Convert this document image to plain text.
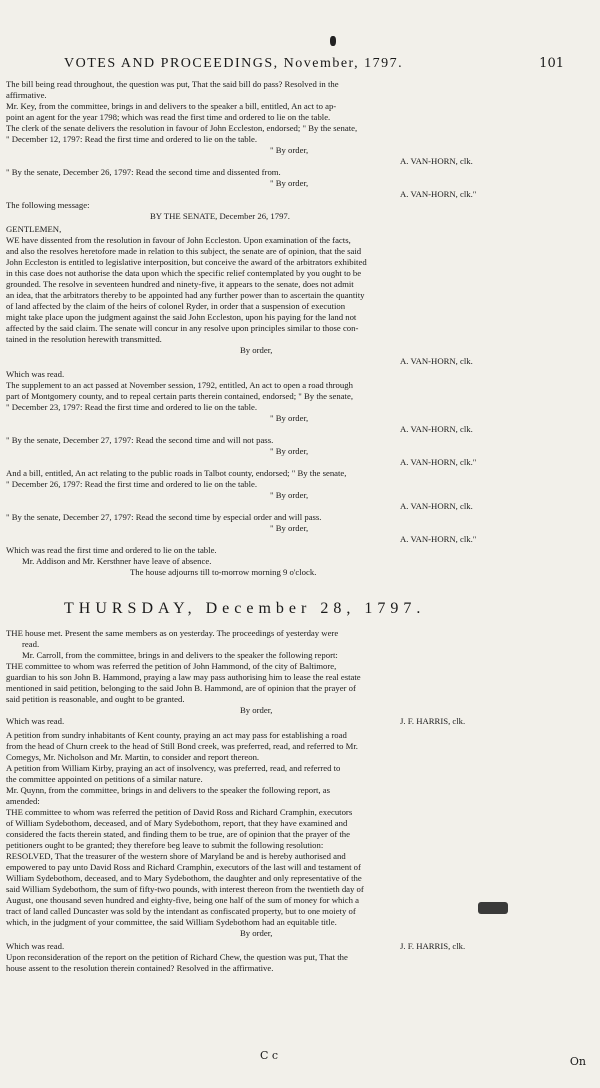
VOTES AND PROCEEDINGS, November, 1797.	101
The bill being read throughout, the question was put, That the said bill do pass? Resolved in the
affirmative.
Mr. Key, from the committee, brings in and delivers to the speaker a bill, entitled, An act to ap-
point an agent for the year 1798; which was read the first time and ordered to lie on the table.
The clerk of the senate delivers the resolution in favour of John Eccleston, endorsed; " By the senate,
" December 12, 1797: Read the first time and ordered to lie on the table.
" By order,
A. VAN-HORN, clk.
" By the senate, December 26, 1797: Read the second time and dissented from.
" By order,
A. VAN-HORN, clk."
The following message:
BY THE SENATE, December 26, 1797.
GENTLEMEN,
WE have dissented from the resolution in favour of John Eccleston. Upon examination of the facts,
and also the resolves heretofore made in relation to this subject, the senate are of opinion, that the said
John Eccleston is entitled to legislative interposition, but conceive the award of the arbitrators exhibited
in this case does not authorise the data upon which the specific relief contemplated by you ought to be
grounded. The resolve in seventeen hundred and ninety-five, it appears to the senate, does not admit
an idea, that the arbitrators thereby to be appointed had any further power than to ascertain the quantity
of land affected by the claim of the heirs of colonel Ryder, in order that a suspension of execution
might take place upon the judgment against the said John Eccleston, upon his paying for the land not
affected by the said claim. The senate will concur in any resolve upon principles similar to those con-
tained in the resolution herewith transmitted.
By order,
A. VAN-HORN, clk.
Which was read.
The supplement to an act passed at November session, 1792, entitled, An act to open a road through
part of Montgomery county, and to repeal certain parts therein contained, endorsed; " By the senate,
" December 23, 1797: Read the first time and ordered to lie on the table.
" By order,
A. VAN-HORN, clk.
" By the senate, December 27, 1797: Read the second time and will not pass.
" By order,
A. VAN-HORN, clk."
And a bill, entitled, An act relating to the public roads in Talbot county, endorsed; " By the senate,
" December 26, 1797: Read the first time and ordered to lie on the table.
" By order,
A. VAN-HORN, clk.
" By the senate, December 27, 1797: Read the second time by especial order and will pass.
" By order,
A. VAN-HORN, clk."
Which was read the first time and ordered to lie on the table.
Mr. Addison and Mr. Kersthner have leave of absence.
The house adjourns till to-morrow morning 9 o'clock.
THE house met. Present the same members as on yesterday. The proceedings of yesterday were
read.
Mr. Carroll, from the committee, brings in and delivers to the speaker the following report:
THE committee to whom was referred the petition of John Hammond, of the city of Baltimore,
guardian to his son John B. Hammond, praying a law may pass authorising him to lease the real estate
mentioned in said petition, belonging to the said John B. Hammond, are of opinion that the prayer of
said petition is reasonable, and ought to be granted.
By order,
Which was read.	J. F. HARRIS, clk.
A petition from sundry inhabitants of Kent county, praying an act may pass for establishing a road
from the head of Churn creek to the head of Still Bond creek, was preferred, read, and referred to Mr.
Comegys, Mr. Nicholson and Mr. Martin, to consider and report thereon.
A petition from William Kirby, praying an act of insolvency, was preferred, read, and referred to
the committee appointed on petitions of a similar nature.
Mr. Quynn, from the committee, brings in and delivers to the speaker the following report, as
amended:
THE committee to whom was referred the petition of David Ross and Richard Cramphin, executors
of William Sydebothom, deceased, and of Mary Sydebothom, report, that they have examined and
considered the facts therein stated, and finding them to be true, are of opinion that the prayer of the
petitioners ought to be granted; they therefore beg leave to submit the following resolution:
RESOLVED, That the treasurer of the western shore of Maryland be and is hereby authorised and
empowered to pay unto David Ross and Richard Cramphin, executors of the last will and testament of
William Sydebothom, deceased, and to Mary Sydebothom, the daughter and only representative of the
said William Sydebothom, the sum of fifty-two pounds, with interest thereon from the twentieth day of
August, one thousand seven hundred and eighty-five, being one half of the sum of money for which a
tract of land called Duncaster was sold by the intendant as confiscated property, but to one moiety of
which, in the judgment of your committee, the said William Sydebothom had an equitable title.
By order,
Which was read.	J. F. HARRIS, clk.
Upon reconsideration of the report on the petition of Richard Chew, the question was put, That the
house assent to the resolution therein contained? Resolved in the affirmative.
THURSDAY, December 28, 1797.
C c	On
